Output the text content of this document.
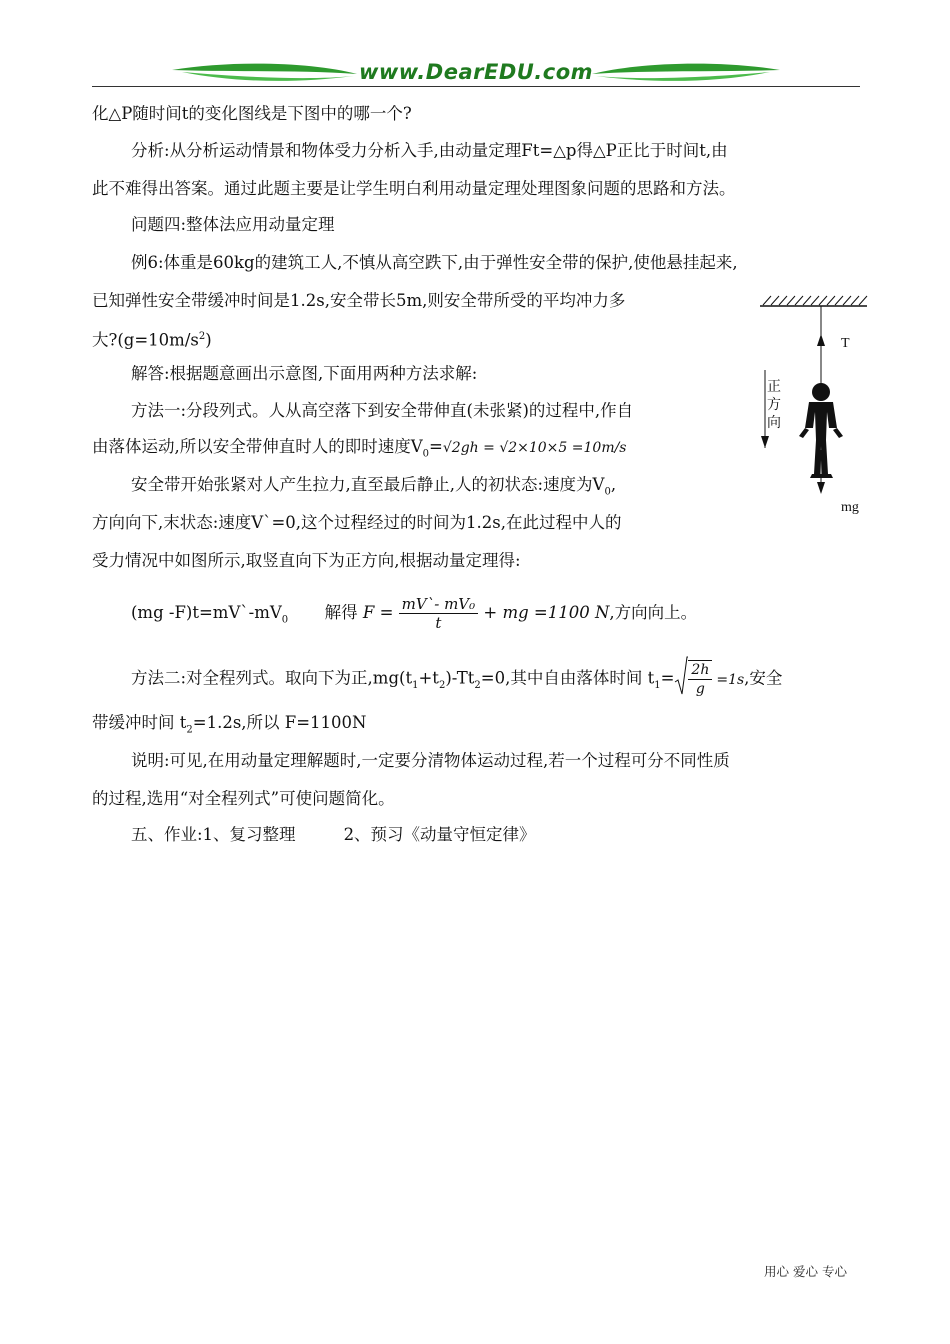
www.DearEDU.com
化△P随时间t的变化图线是下图中的哪一个?
分析:从分析运动情景和物体受力分析入手,由动量定理Ft=△p得△P正比于时间t,由
此不难得出答案。通过此题主要是让学生明白利用动量定理处理图象问题的思路和方法。
问题四:整体法应用动量定理
例6:体重是60kg的建筑工人,不慎从高空跌下,由于弹性安全带的保护,使他悬挂起来,
已知弹性安全带缓冲时间是1.2s,安全带长5m,则安全带所受的平均冲力多
大$?(g=10m/s^2)$
解答:根据题意画出示意图,下面用两种方法求解:
方法一:分段列式。人从高空落下到安全带伸直(未张紧)的过程中,作自
由落体运动,所以安全带伸直时人的即时速度$V_0=√2gh = √2\times 10\times 5 =10m/s$
安全带开始张紧对人产生拉力,直至最后静止,人的初状态:速度为$V_0$,
方向向下,末状态:速度V`=0,这个过程经过的时间为1.2s,在此过程中人的
受力情况中如图所示,取竖直向下为正方向,根据动量定理得:
(mg $-F)t=mV`-mV_0$ 解得 $F = \frac{\text{mV`- mV₀}}{t}$ + mg =1100 N,方向向上。
方法二:对全程列式。取向下为正$,mg(t_1+t_2)-Tt_2=0$,其中自由落体时间 $t_1= \frac{2h}{g} =1s$,安全
带缓冲时间 $t_2=1.2s$,所以 F=1100N
说明:可见,在用动量定理解题时,一定要分清物体运动过程,若一个过程可分不同性质
的过程,选用“对全程列式”可使问题简化。
五、作业:1、复习整理	2、预习《动量守恒定律》
T
正
方
向
mg
用心 爱心 专心
